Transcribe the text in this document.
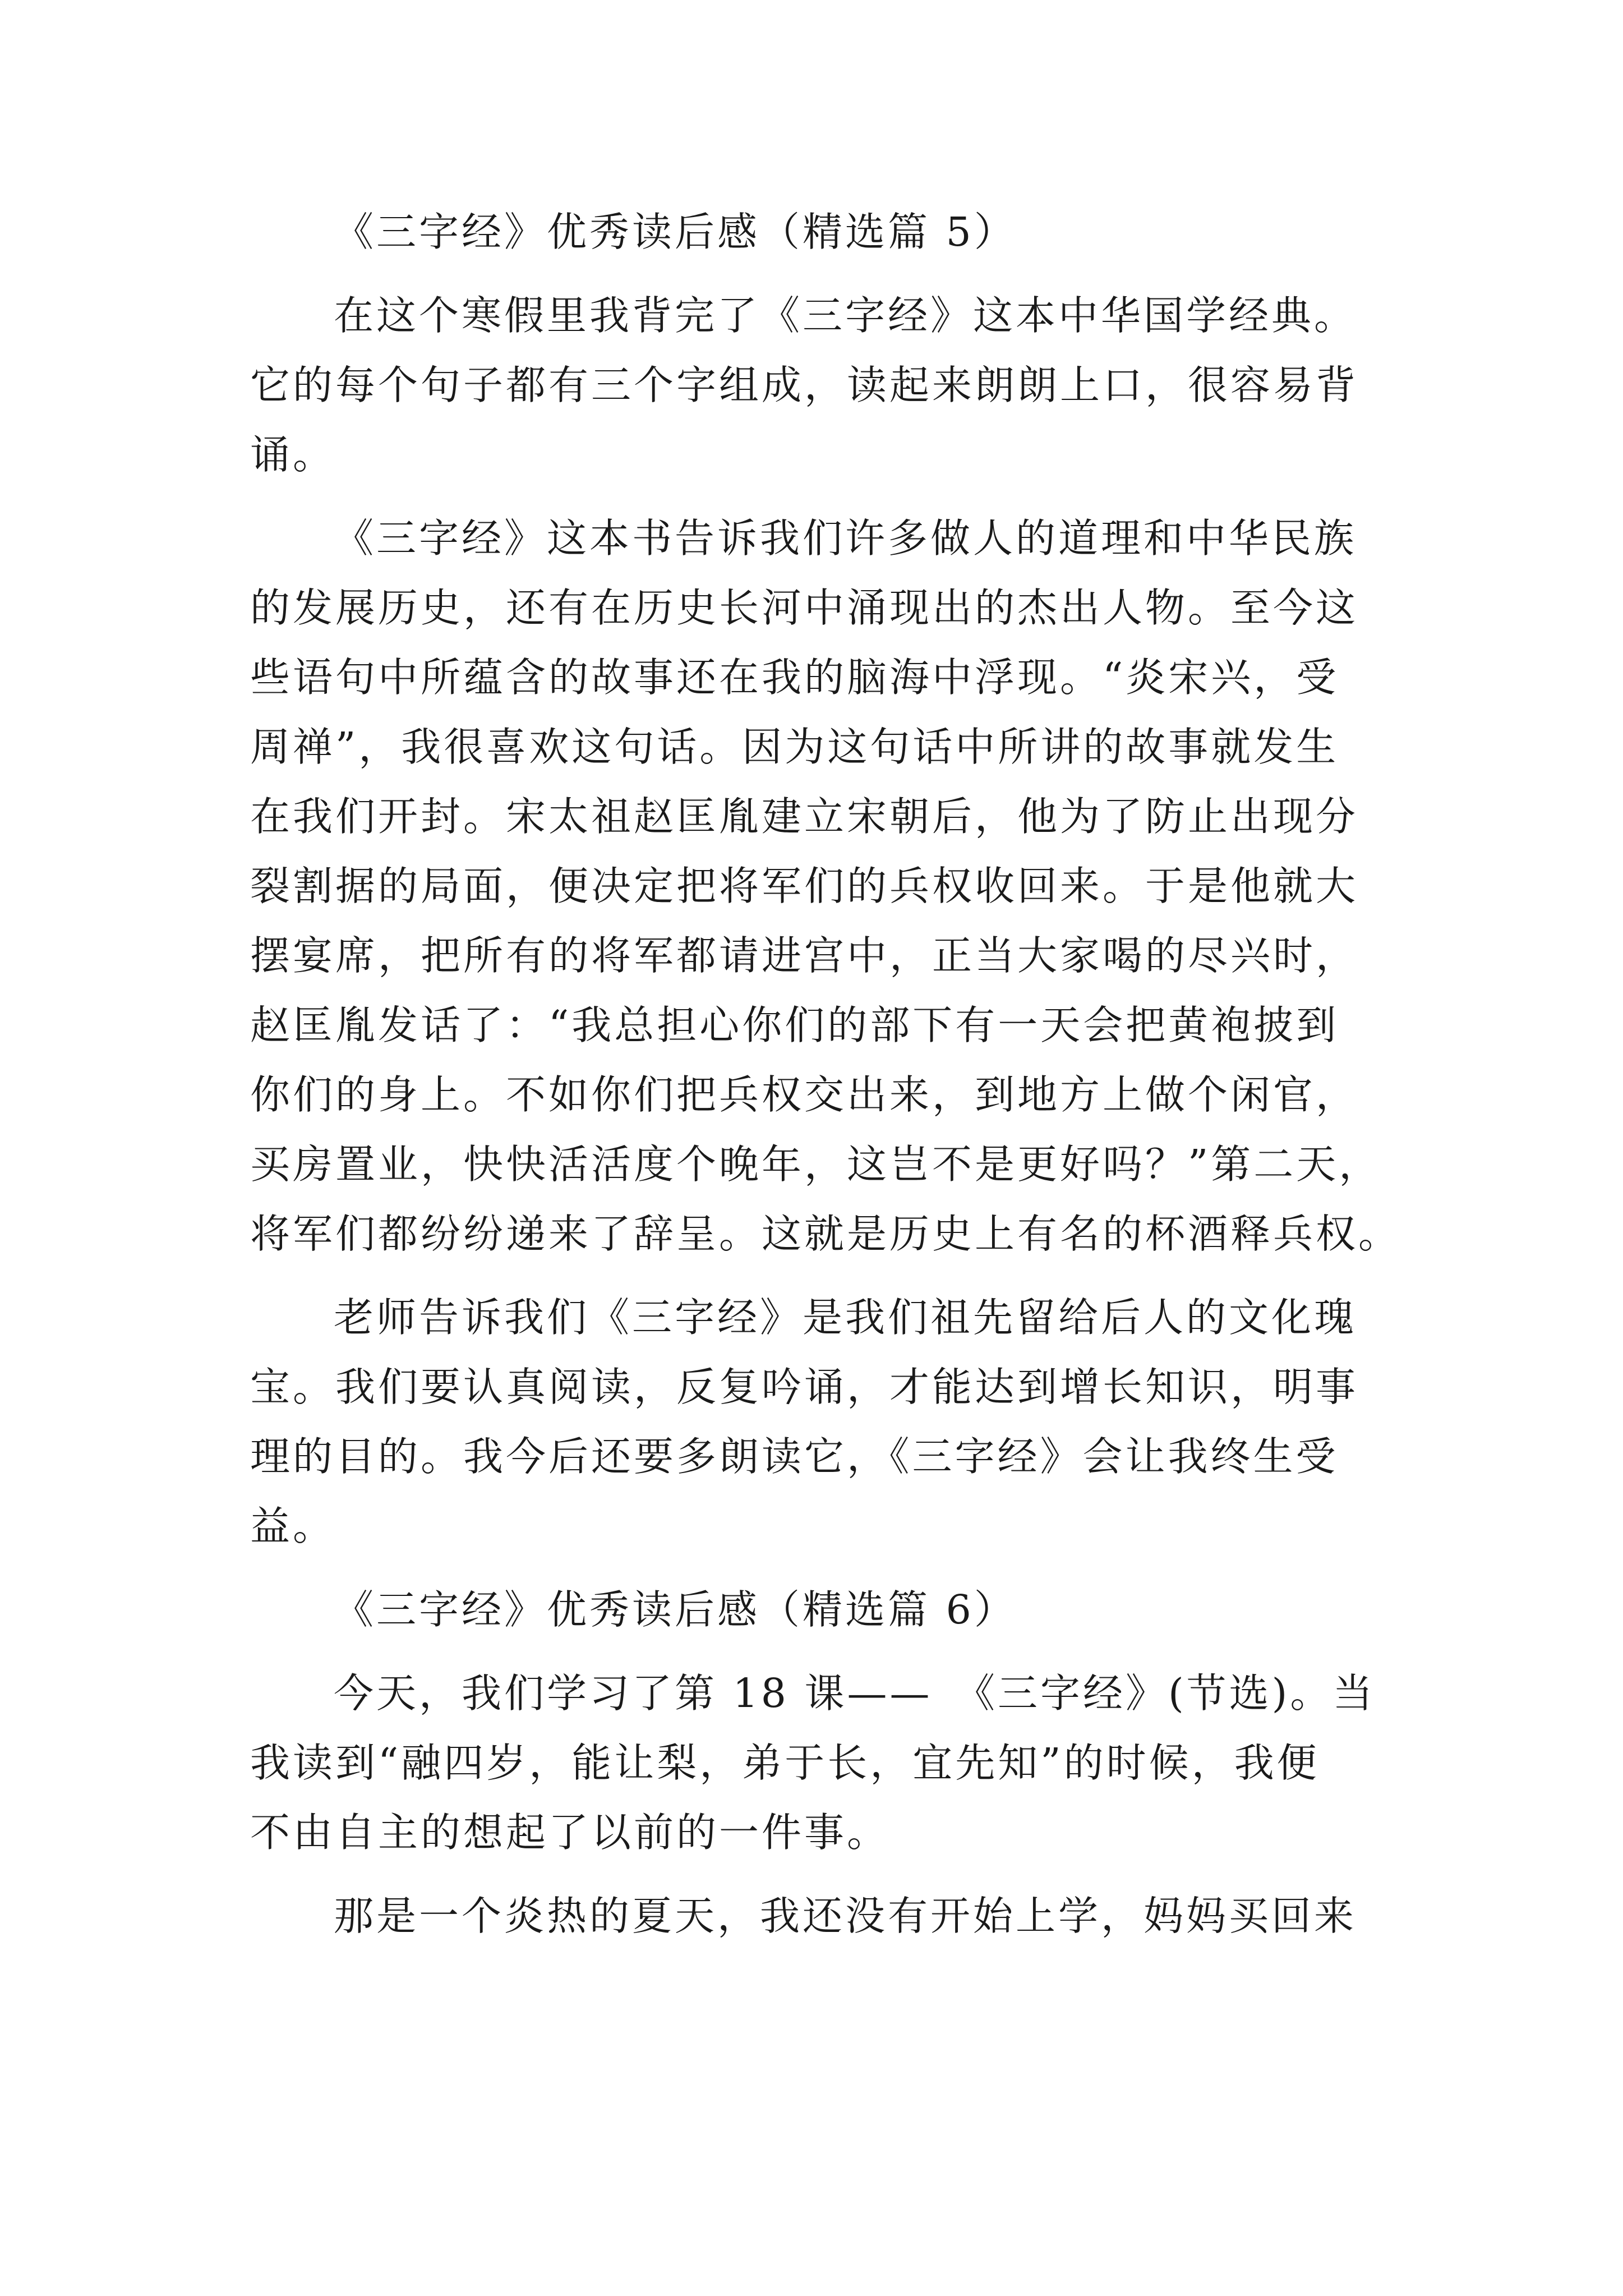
《三字经》优秀读后感（精选篇 5）
在这个寒假里我背完了《三字经》这本中华国学经典。
它的每个句子都有三个字组成，读起来朗朗上口，很容易背
诵。
《三字经》这本书告诉我们许多做人的道理和中华民族
的发展历史，还有在历史长河中涌现出的杰出人物。至今这
些语句中所蕴含的故事还在我的脑海中浮现。“炎宋兴，受
周禅”，我很喜欢这句话。因为这句话中所讲的故事就发生
在我们开封。宋太祖赵匡胤建立宋朝后，他为了防止出现分
裂割据的局面，便决定把将军们的兵权收回来。于是他就大
摆宴席，把所有的将军都请进宫中，正当大家喝的尽兴时，
赵匡胤发话了：“我总担心你们的部下有一天会把黄袍披到
你们的身上。不如你们把兵权交出来，到地方上做个闲官，
买房置业，快快活活度个晚年，这岂不是更好吗？”第二天，
将军们都纷纷递来了辞呈。这就是历史上有名的杯酒释兵权。
老师告诉我们《三字经》是我们祖先留给后人的文化瑰
宝。我们要认真阅读，反复吟诵，才能达到增长知识，明事
理的目的。我今后还要多朗读它，《三字经》会让我终生受
益。
《三字经》优秀读后感（精选篇 6）
今天，我们学习了第 18 课——　《三字经》(节选)。当
我读到“融四岁，能让梨，弟于长，宜先知”的时候，我便
不由自主的想起了以前的一件事。
那是一个炎热的夏天，我还没有开始上学，妈妈买回来
